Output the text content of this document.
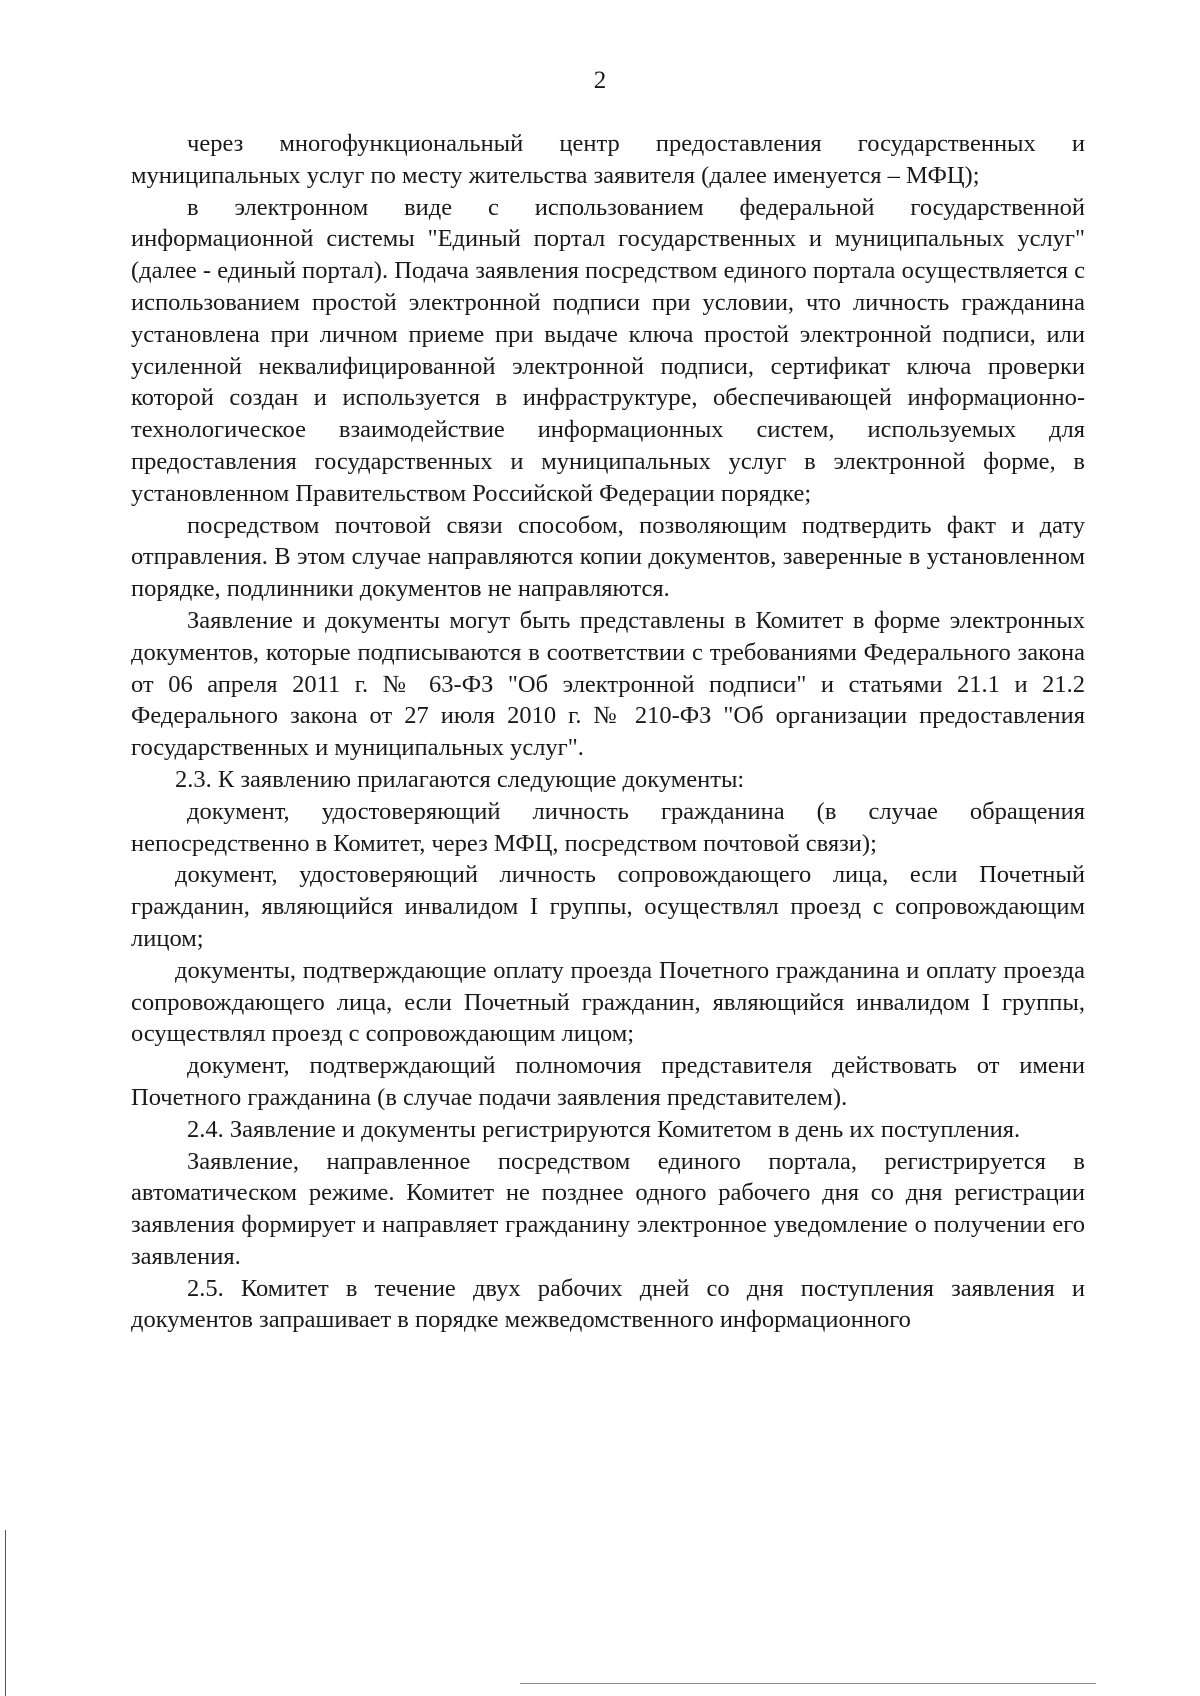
2

через многофункциональный центр предоставления государственных и муниципальных услуг по месту жительства заявителя (далее именуется – МФЦ);

в электронном виде с использованием федеральной государственной информационной системы "Единый портал государственных и муниципальных услуг" (далее - единый портал). Подача заявления посредством единого портала осуществляется с использованием простой электронной подписи при условии, что личность гражданина установлена при личном приеме при выдаче ключа простой электронной подписи, или усиленной неквалифицированной электронной подписи, сертификат ключа проверки которой создан и используется в инфраструктуре, обеспечивающей информационно-технологическое взаимодействие информационных систем, используемых для предоставления государственных и муниципальных услуг в электронной форме, в установленном Правительством Российской Федерации порядке;

посредством почтовой связи способом, позволяющим подтвердить факт и дату отправления. В этом случае направляются копии документов, заверенные в установленном порядке, подлинники документов не направляются.

Заявление и документы могут быть представлены в Комитет в форме электронных документов, которые подписываются в соответствии с требованиями Федерального закона от 06 апреля 2011 г. № 63-ФЗ "Об электронной подписи" и статьями 21.1 и 21.2 Федерального закона от 27 июля 2010 г. № 210-ФЗ "Об организации предоставления государственных и муниципальных услуг".

2.3. К заявлению прилагаются следующие документы:

документ, удостоверяющий личность гражданина (в случае обращения непосредственно в Комитет, через МФЦ, посредством почтовой связи);

документ, удостоверяющий личность сопровождающего лица, если Почетный гражданин, являющийся инвалидом I группы, осуществлял проезд с сопровождающим лицом;

документы, подтверждающие оплату проезда Почетного гражданина и оплату проезда сопровождающего лица, если Почетный гражданин, являющийся инвалидом I группы, осуществлял проезд с сопровождающим лицом;

документ, подтверждающий полномочия представителя действовать от имени Почетного гражданина (в случае подачи заявления представителем).

2.4. Заявление и документы регистрируются Комитетом в день их поступления.

Заявление, направленное посредством единого портала, регистрируется в автоматическом режиме. Комитет не позднее одного рабочего дня со дня регистрации заявления формирует и направляет гражданину электронное уведомление о получении его заявления.

2.5. Комитет в течение двух рабочих дней со дня поступления заявления и документов запрашивает в порядке межведомственного информационного
